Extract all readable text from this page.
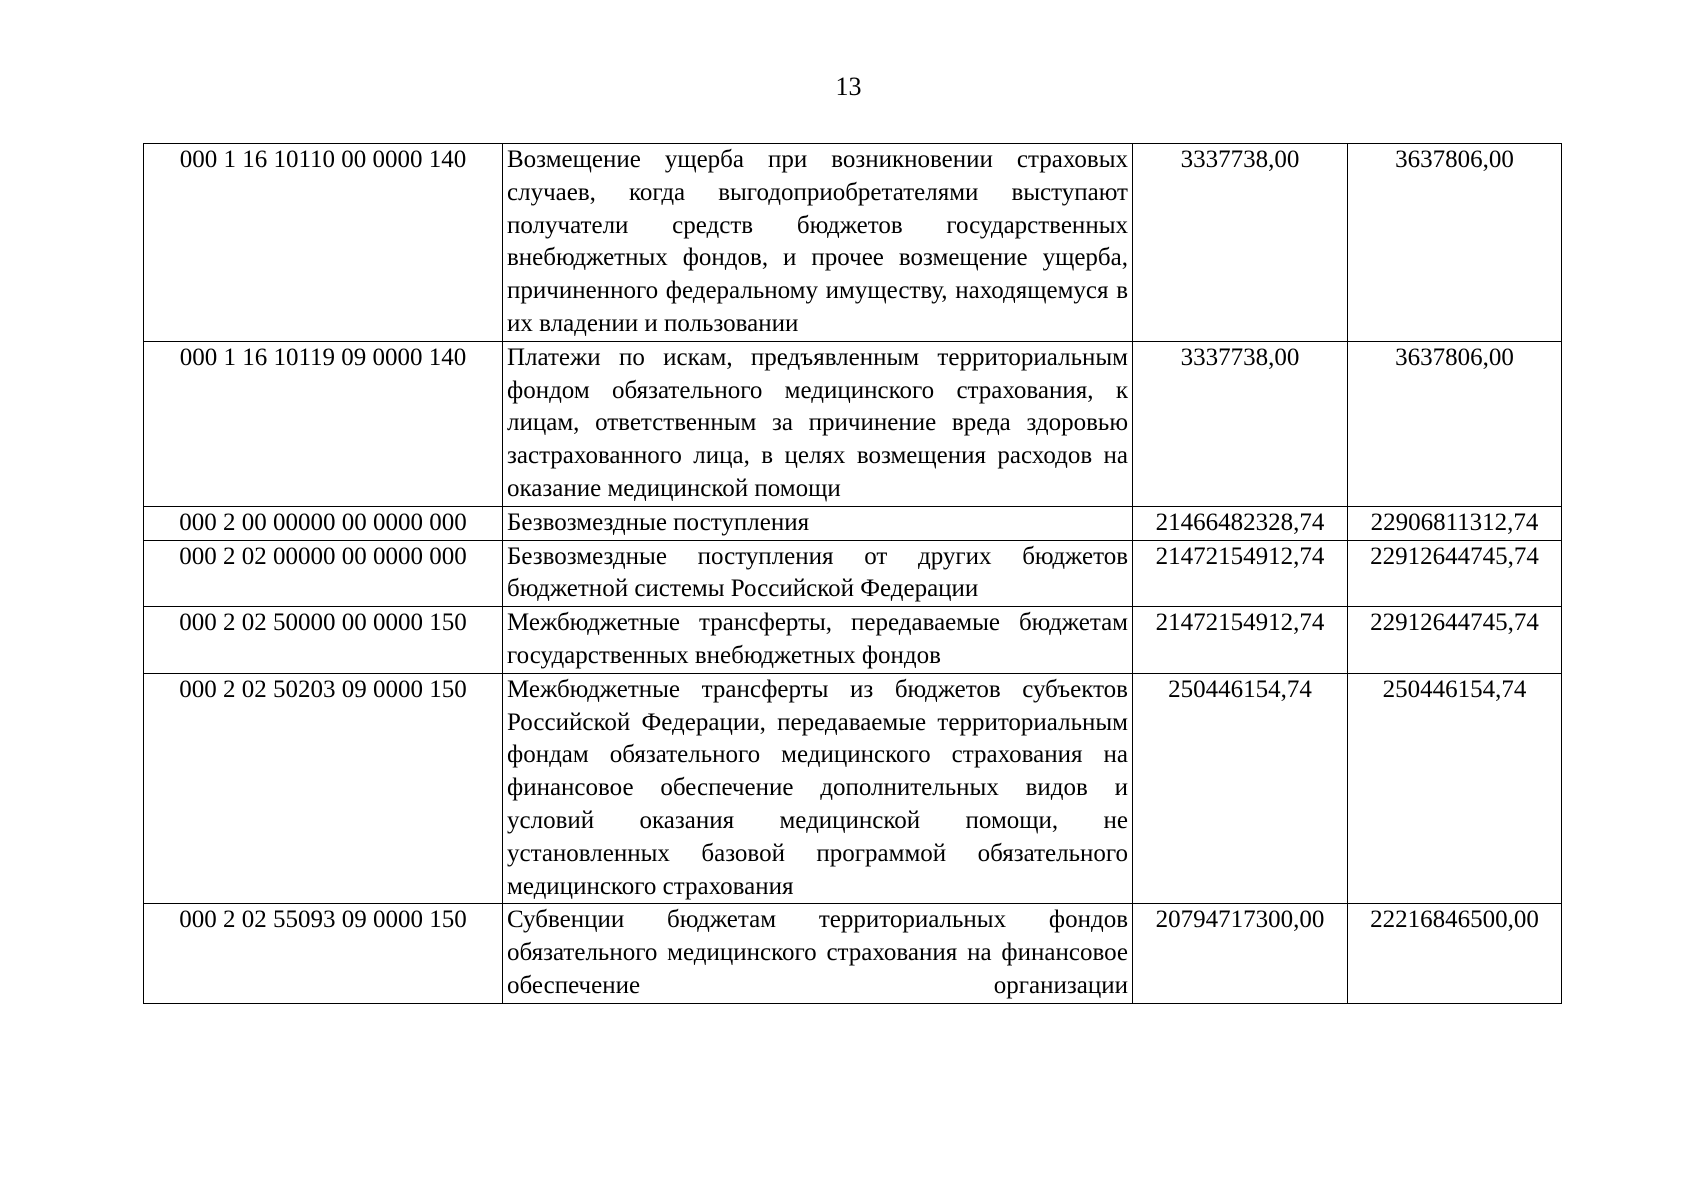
13
000 1 16 10110 00 0000 140	Возмещение ущерба при возникновении страховых случаев, когда выгодоприобретателями выступают получатели средств бюджетов государственных внебюджетных фондов, и прочее возмещение ущерба, причиненного федеральному имуществу, находящемуся в их владении и пользовании	3337738,00	3637806,00
000 1 16 10119 09 0000 140	Платежи по искам, предъявленным территориальным фондом обязательного медицинского страхования, к лицам, ответственным за причинение вреда здоровью застрахованного лица, в целях возмещения расходов на оказание медицинской помощи	3337738,00	3637806,00
000 2 00 00000 00 0000 000	Безвозмездные поступления	21466482328,74	22906811312,74
000 2 02 00000 00 0000 000	Безвозмездные поступления от других бюджетов бюджетной системы Российской Федерации	21472154912,74	22912644745,74
000 2 02 50000 00 0000 150	Межбюджетные трансферты, передаваемые бюджетам государственных внебюджетных фондов	21472154912,74	22912644745,74
000 2 02 50203 09 0000 150	Межбюджетные трансферты из бюджетов субъектов Российской Федерации, передаваемые территориальным фондам обязательного медицинского страхования на финансовое обеспечение дополнительных видов и условий оказания медицинской помощи, не установленных базовой программой обязательного медицинского страхования	250446154,74	250446154,74
000 2 02 55093 09 0000 150	Субвенции бюджетам территориальных фондов обязательного медицинского страхования на финансовое обеспечение организации	20794717300,00	22216846500,00
